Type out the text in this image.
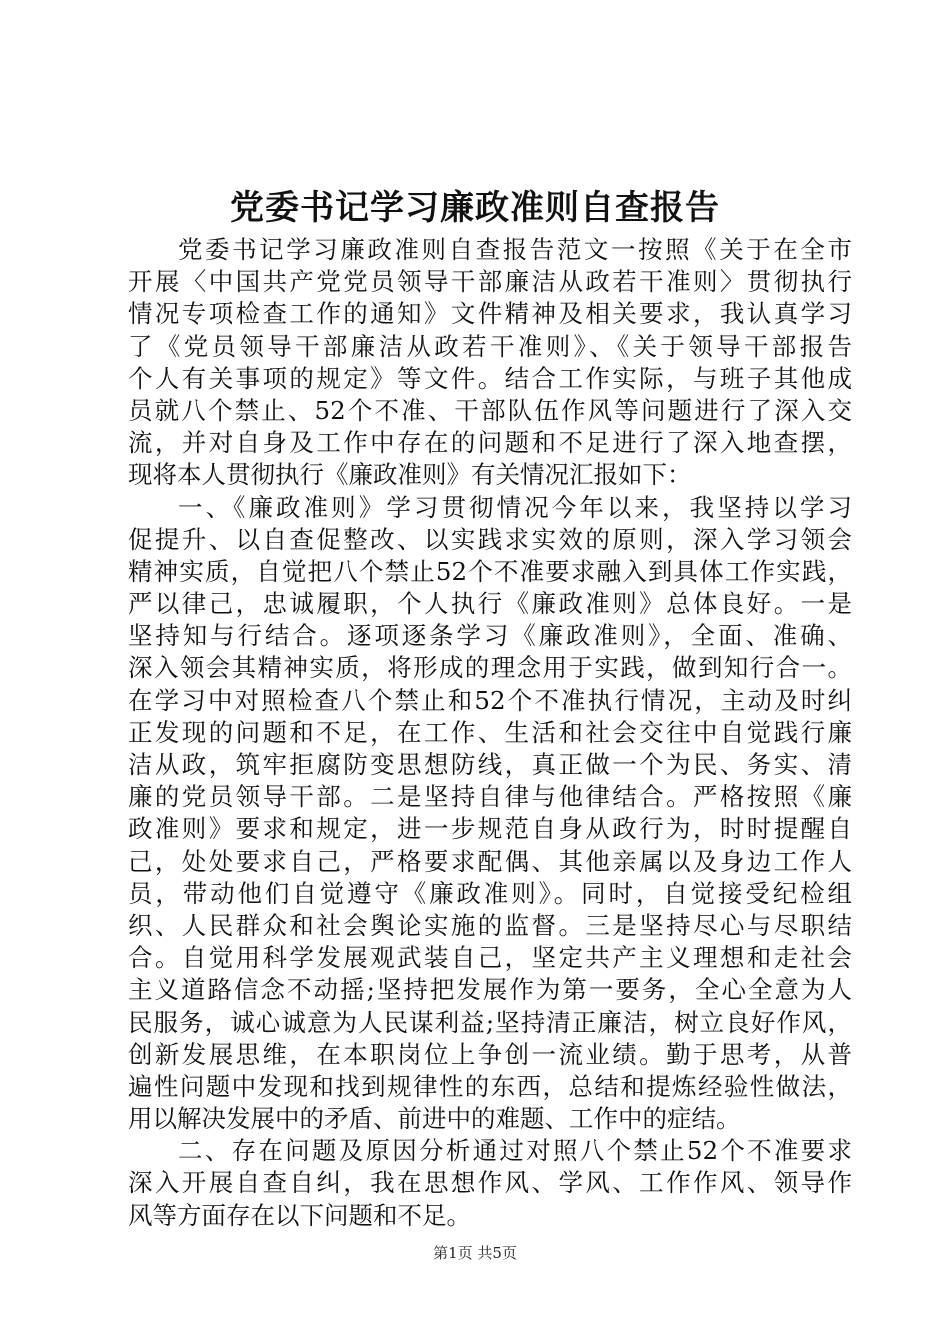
党委书记学习廉政准则自查报告
党委书记学习廉政准则自查报告范文一按照《关于在全市
开展〈中国共产党党员领导干部廉洁从政若干准则〉贯彻执行
情况专项检查工作的通知》文件精神及相关要求，我认真学习
了《党员领导干部廉洁从政若干准则》、《关于领导干部报告
个人有关事项的规定》等文件。结合工作实际，与班子其他成
员就八个禁止、52个不准、干部队伍作风等问题进行了深入交
流，并对自身及工作中存在的问题和不足进行了深入地查摆，
现将本人贯彻执行《廉政准则》有关情况汇报如下：
一、《廉政准则》学习贯彻情况今年以来，我坚持以学习
促提升、以自查促整改、以实践求实效的原则，深入学习领会
精神实质，自觉把八个禁止52个不准要求融入到具体工作实践，
严以律己，忠诚履职，个人执行《廉政准则》总体良好。一是
坚持知与行结合。逐项逐条学习《廉政准则》，全面、准确、
深入领会其精神实质，将形成的理念用于实践，做到知行合一。
在学习中对照检查八个禁止和52个不准执行情况，主动及时纠
正发现的问题和不足，在工作、生活和社会交往中自觉践行廉
洁从政，筑牢拒腐防变思想防线，真正做一个为民、务实、清
廉的党员领导干部。二是坚持自律与他律结合。严格按照《廉
政准则》要求和规定，进一步规范自身从政行为，时时提醒自
己，处处要求自己，严格要求配偶、其他亲属以及身边工作人
员，带动他们自觉遵守《廉政准则》。同时，自觉接受纪检组
织、人民群众和社会舆论实施的监督。三是坚持尽心与尽职结
合。自觉用科学发展观武装自己，坚定共产主义理想和走社会
主义道路信念不动摇;坚持把发展作为第一要务，全心全意为人
民服务，诚心诚意为人民谋利益;坚持清正廉洁，树立良好作风，
创新发展思维，在本职岗位上争创一流业绩。勤于思考，从普
遍性问题中发现和找到规律性的东西，总结和提炼经验性做法，
用以解决发展中的矛盾、前进中的难题、工作中的症结。
二、存在问题及原因分析通过对照八个禁止52个不准要求
深入开展自查自纠，我在思想作风、学风、工作作风、领导作
风等方面存在以下问题和不足。
第1页 共5页
